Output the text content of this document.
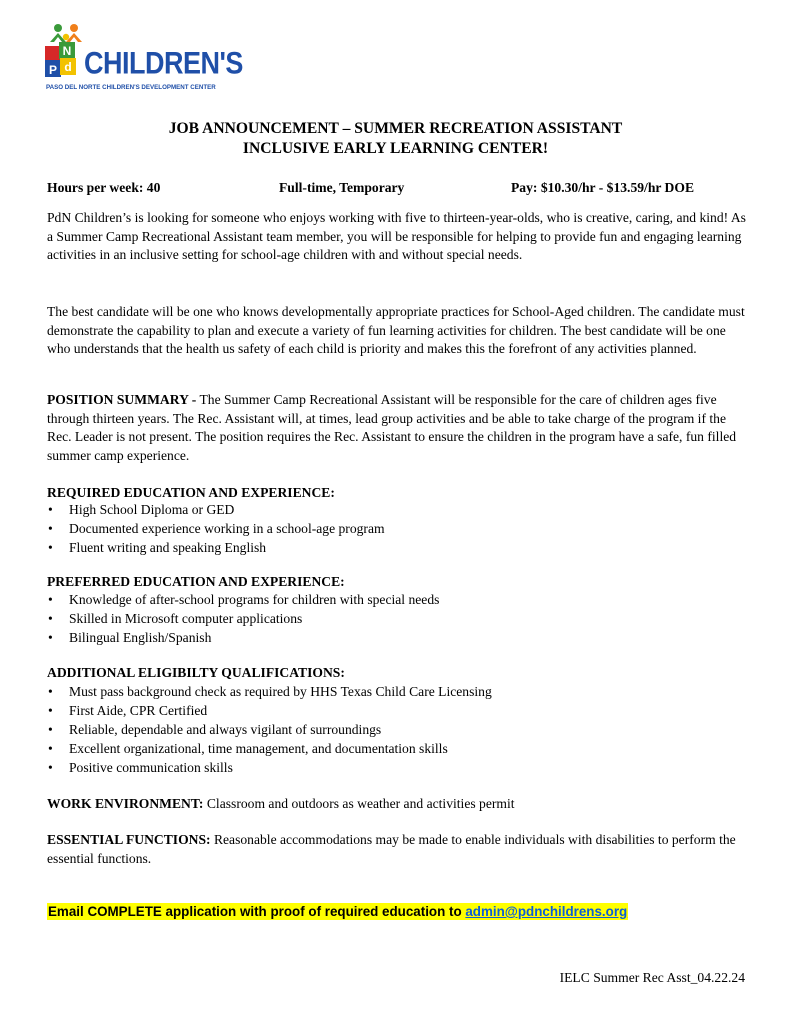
P d
N CHILDREN'S
PASO DEL NORTE CHILDREN'S DEVELOPMENT CENTER
JOB ANNOUNCEMENT – SUMMER RECREATION ASSISTANT
INCLUSIVE EARLY LEARNING CENTER!
Hours per week: 40	Full-time, Temporary	Pay: $10.30/hr - $13.59/hr DOE

PdN Children’s is looking for someone who enjoys working with five to thirteen-year-olds, who is creative, caring, and kind! As a Summer Camp Recreational Assistant team member, you will be responsible for helping to provide fun and engaging learning activities in an inclusive setting for school-age children with and without special needs.

The best candidate will be one who knows developmentally appropriate practices for School-Aged children. The candidate must demonstrate the capability to plan and execute a variety of fun learning activities for children. The best candidate will be one who understands that the health us safety of each child is priority and makes this the forefront of any activities planned.

POSITION SUMMARY - The Summer Camp Recreational Assistant will be responsible for the care of children ages five through thirteen years. The Rec. Assistant will, at times, lead group activities and be able to take charge of the program if the Rec. Leader is not present. The position requires the Rec. Assistant to ensure the children in the program have a safe, fun filled summer camp experience.

REQUIRED EDUCATION AND EXPERIENCE:
• High School Diploma or GED
• Documented experience working in a school-age program
• Fluent writing and speaking English
PREFERRED EDUCATION AND EXPERIENCE:
• Knowledge of after-school programs for children with special needs
• Skilled in Microsoft computer applications
• Bilingual English/Spanish
ADDITIONAL ELIGIBILTY QUALIFICATIONS:
• Must pass background check as required by HHS Texas Child Care Licensing
• First Aide, CPR Certified
• Reliable, dependable and always vigilant of surroundings
• Excellent organizational, time management, and documentation skills
• Positive communication skills

WORK ENVIRONMENT: Classroom and outdoors as weather and activities permit

ESSENTIAL FUNCTIONS: Reasonable accommodations may be made to enable individuals with disabilities to perform the essential functions.

Email COMPLETE application with proof of required education to admin@pdnchildrens.org
IELC Summer Rec Asst_04.22.24
